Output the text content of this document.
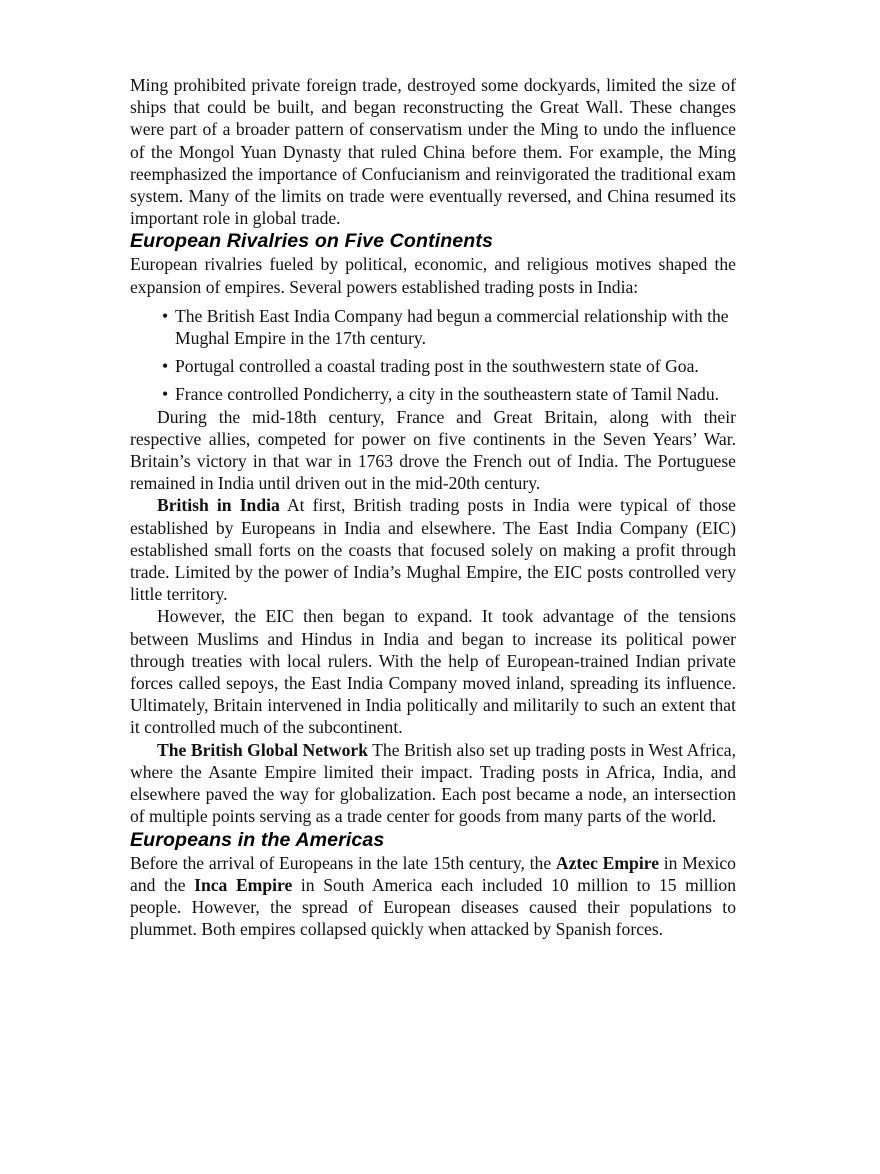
Ming prohibited private foreign trade, destroyed some dockyards, limited the size of ships that could be built, and began reconstructing the Great Wall. These changes were part of a broader pattern of conservatism under the Ming to undo the influence of the Mongol Yuan Dynasty that ruled China before them. For example, the Ming reemphasized the importance of Confucianism and reinvigorated the traditional exam system. Many of the limits on trade were eventually reversed, and China resumed its important role in global trade.

European Rivalries on Five Continents

European rivalries fueled by political, economic, and religious motives shaped the expansion of empires. Several powers established trading posts in India:

• The British East India Company had begun a commercial relationship with the Mughal Empire in the 17th century.
• Portugal controlled a coastal trading post in the southwestern state of Goa.
• France controlled Pondicherry, a city in the southeastern state of Tamil Nadu.

During the mid-18th century, France and Great Britain, along with their respective allies, competed for power on five continents in the Seven Years’ War. Britain’s victory in that war in 1763 drove the French out of India. The Portuguese remained in India until driven out in the mid-20th century.

British in India At first, British trading posts in India were typical of those established by Europeans in India and elsewhere. The East India Company (EIC) established small forts on the coasts that focused solely on making a profit through trade. Limited by the power of India’s Mughal Empire, the EIC posts controlled very little territory.

However, the EIC then began to expand. It took advantage of the tensions between Muslims and Hindus in India and began to increase its political power through treaties with local rulers. With the help of European-trained Indian private forces called sepoys, the East India Company moved inland, spreading its influence. Ultimately, Britain intervened in India politically and militarily to such an extent that it controlled much of the subcontinent.

The British Global Network The British also set up trading posts in West Africa, where the Asante Empire limited their impact. Trading posts in Africa, India, and elsewhere paved the way for globalization. Each post became a node, an intersection of multiple points serving as a trade center for goods from many parts of the world.

Europeans in the Americas

Before the arrival of Europeans in the late 15th century, the Aztec Empire in Mexico and the Inca Empire in South America each included 10 million to 15 million people. However, the spread of European diseases caused their populations to plummet. Both empires collapsed quickly when attacked by Spanish forces.
